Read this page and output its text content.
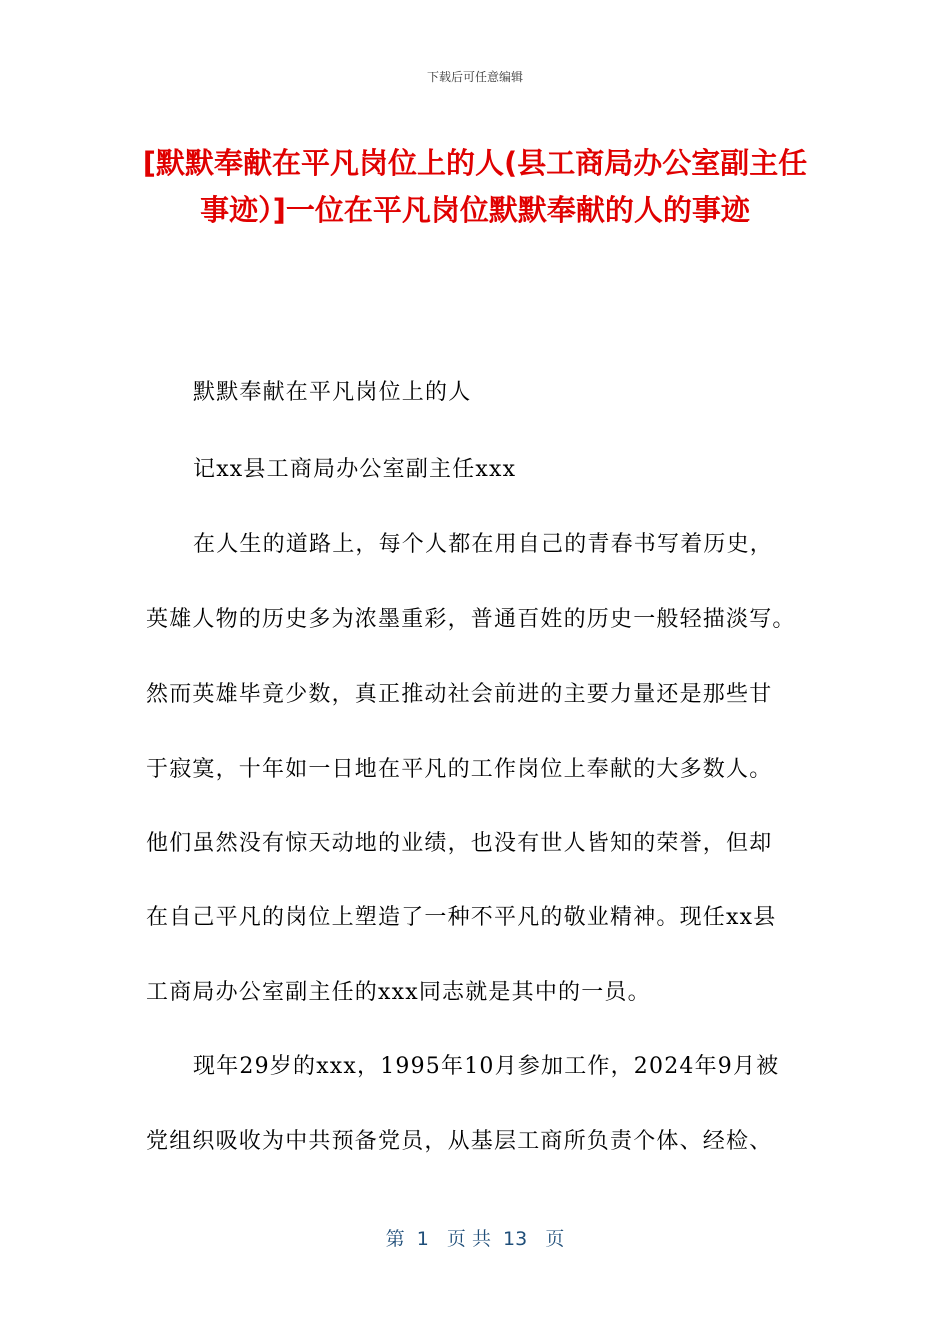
下载后可任意编辑
[默默奉献在平凡岗位上的人(县工商局办公室副主任事迹）]一位在平凡岗位默默奉献的人的事迹
默默奉献在平凡岗位上的人
记xx县工商局办公室副主任xxx
在人生的道路上，每个人都在用自己的青春书写着历史，
英雄人物的历史多为浓墨重彩，普通百姓的历史一般轻描淡写。
然而英雄毕竟少数，真正推动社会前进的主要力量还是那些甘
于寂寞，十年如一日地在平凡的工作岗位上奉献的大多数人。
他们虽然没有惊天动地的业绩，也没有世人皆知的荣誉，但却
在自己平凡的岗位上塑造了一种不平凡的敬业精神。现任xx县
工商局办公室副主任的xxx同志就是其中的一员。
现年29岁的xxx，1995年10月参加工作，2024年9月被
党组织吸收为中共预备党员，从基层工商所负责个体、经检、
第  1   页 共  13   页
